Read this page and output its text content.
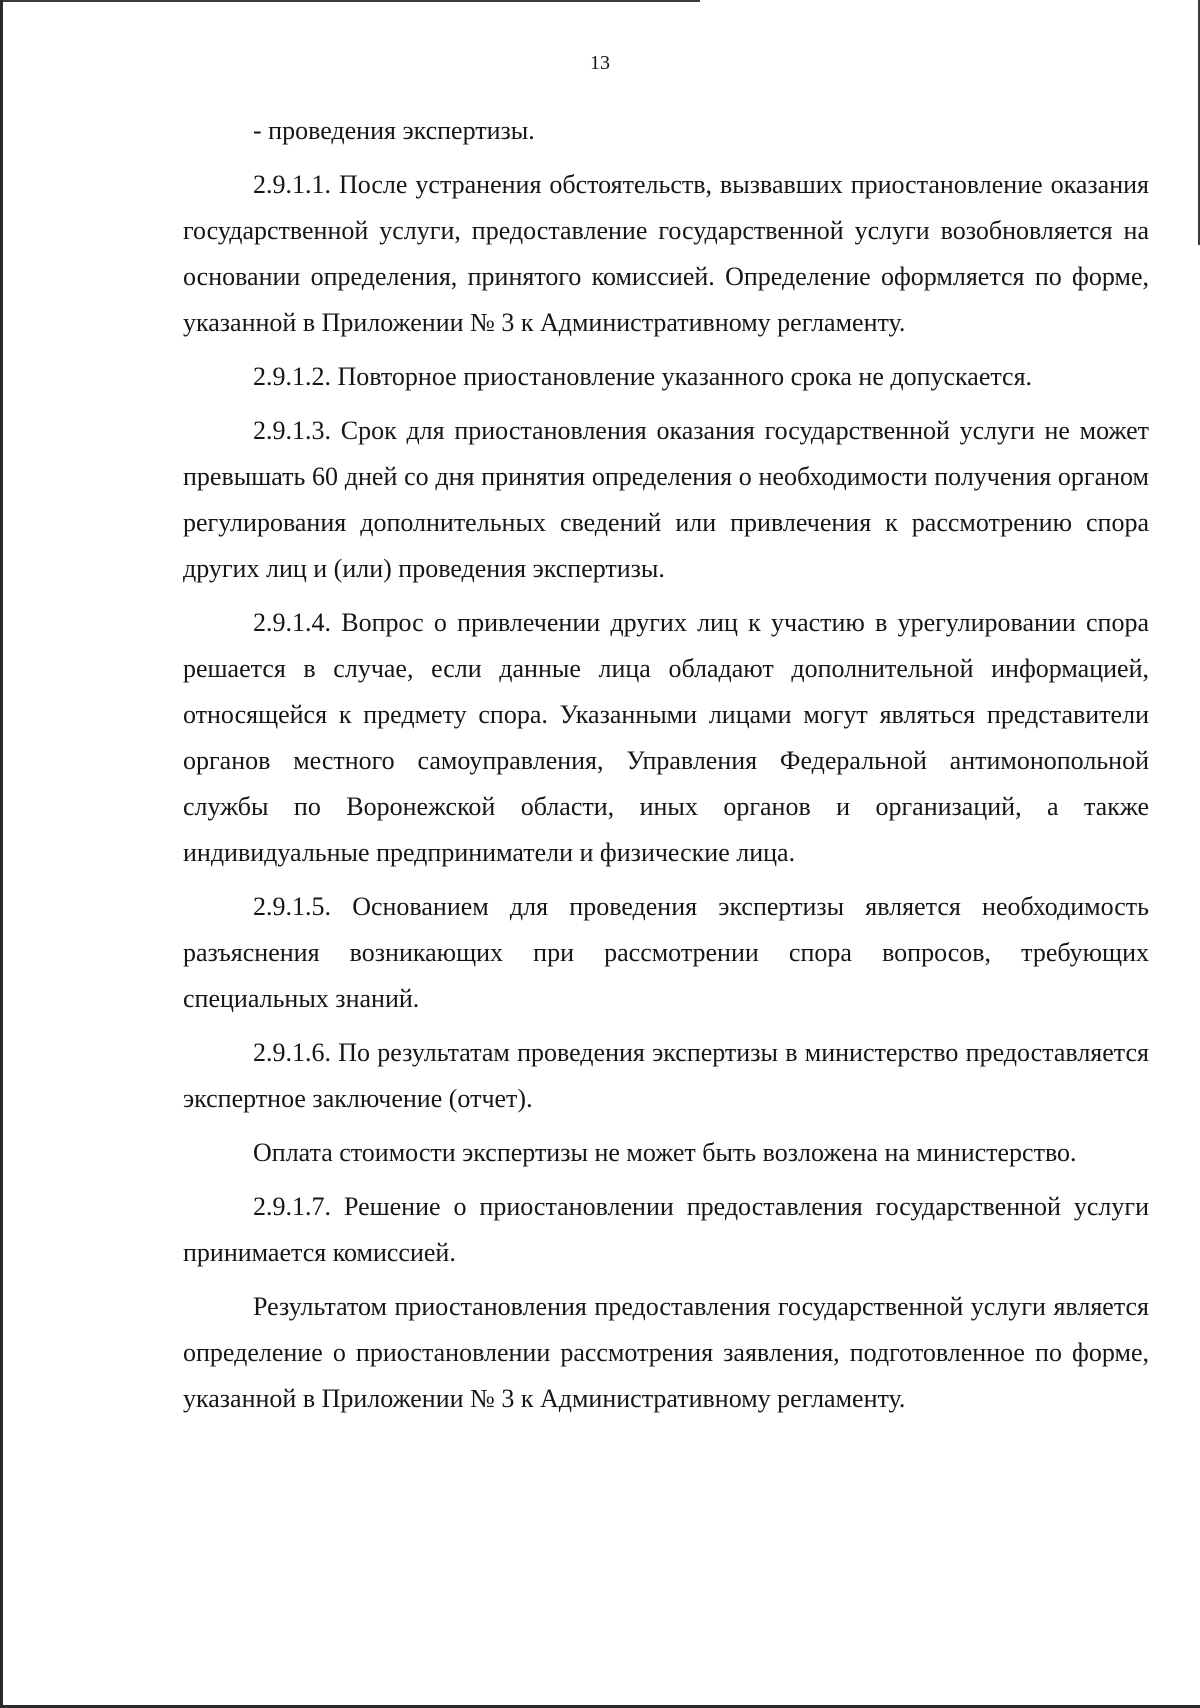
13

- проведения экспертизы.

2.9.1.1. После устранения обстоятельств, вызвавших приостановление оказания государственной услуги, предоставление государственной услуги возобновляется на основании определения, принятого комиссией. Определение оформляется по форме, указанной в Приложении № 3 к Административному регламенту.

2.9.1.2. Повторное приостановление указанного срока не допускается.

2.9.1.3. Срок для приостановления оказания государственной услуги не может превышать 60 дней со дня принятия определения о необходимости получения органом регулирования дополнительных сведений или привлечения к рассмотрению спора других лиц и (или) проведения экспертизы.

2.9.1.4. Вопрос о привлечении других лиц к участию в урегулировании спора решается в случае, если данные лица обладают дополнительной информацией, относящейся к предмету спора. Указанными лицами могут являться представители органов местного самоуправления, Управления Федеральной антимонопольной службы по Воронежской области, иных органов и организаций, а также индивидуальные предприниматели и физические лица.

2.9.1.5. Основанием для проведения экспертизы является необходимость разъяснения возникающих при рассмотрении спора вопросов, требующих специальных знаний.

2.9.1.6. По результатам проведения экспертизы в министерство предоставляется экспертное заключение (отчет).

Оплата стоимости экспертизы не может быть возложена на министерство.

2.9.1.7. Решение о приостановлении предоставления государственной услуги принимается комиссией.

Результатом приостановления предоставления государственной услуги является определение о приостановлении рассмотрения заявления, подготовленное по форме, указанной в Приложении № 3 к Административному регламенту.
